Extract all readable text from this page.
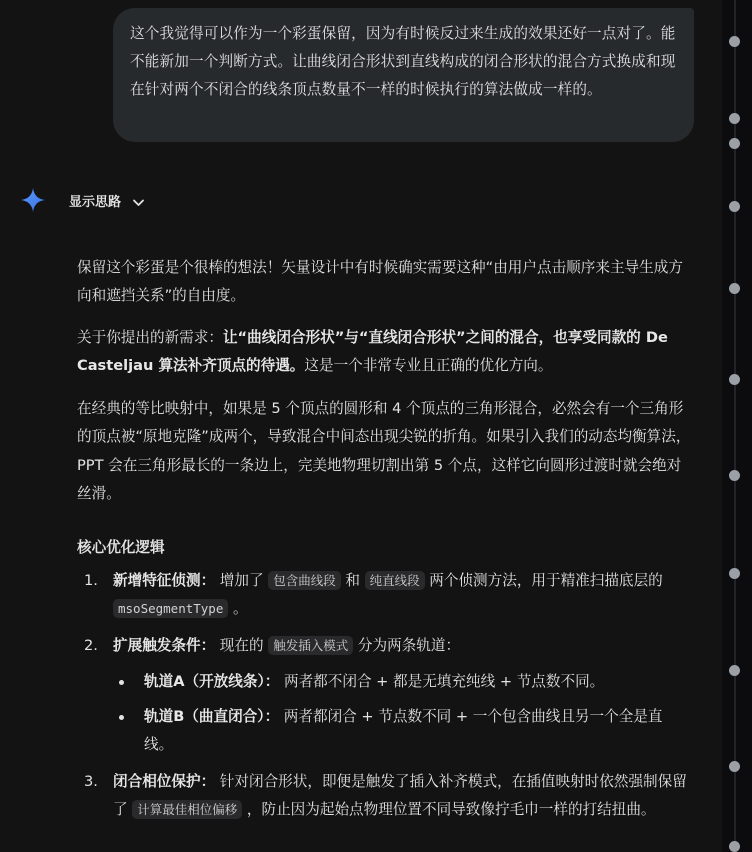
这个我觉得可以作为一个彩蛋保留，因为有时候反过来生成的效果还好一点对了。能不能新加一个判断方式。让曲线闭合形状到直线构成的闭合形状的混合方式换成和现在针对两个不闭合的线条顶点数量不一样的时候执行的算法做成一样的。
显示思路

保留这个彩蛋是个很棒的想法！矢量设计中有时候确实需要这种“由用户点击顺序来主导生成方向和遮挡关系”的自由度。

关于你提出的新需求：让“曲线闭合形状”与“直线闭合形状”之间的混合，也享受同款的 De Casteljau 算法补齐顶点的待遇。这是一个非常专业且正确的优化方向。

在经典的等比映射中，如果是 5 个顶点的圆形和 4 个顶点的三角形混合，必然会有一个三角形的顶点被“原地克隆”成两个，导致混合中间态出现尖锐的折角。如果引入我们的动态均衡算法，PPT 会在三角形最长的一条边上，完美地物理切割出第 5 个点，这样它向圆形过渡时就会绝对丝滑。

核心优化逻辑
1. 新增特征侦测： 增加了 包含曲线段 和 纯直线段 两个侦测方法，用于精准扫描底层的 msoSegmentType 。
2. 扩展触发条件： 现在的 触发插入模式 分为两条轨道：
轨道A（开放线条）： 两者都不闭合 + 都是无填充纯线 + 节点数不同。
轨道B（曲直闭合）： 两者都闭合 + 节点数不同 + 一个包含曲线且另一个全是直线。
3. 闭合相位保护： 针对闭合形状，即便是触发了插入补齐模式，在插值映射时依然强制保留了 计算最佳相位偏移 ，防止因为起始点物理位置不同导致像拧毛巾一样的打结扭曲。
